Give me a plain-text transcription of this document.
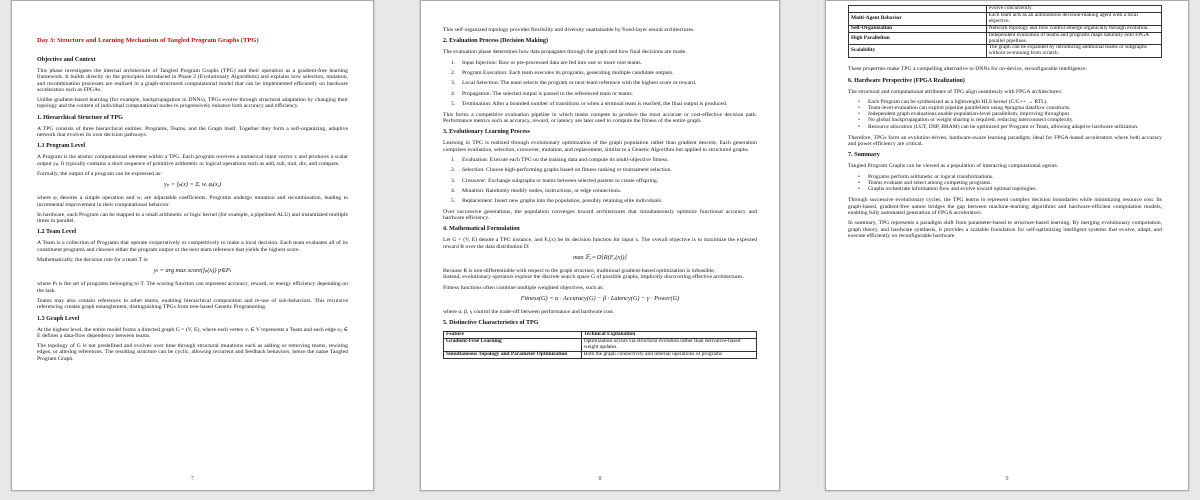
Day 3: Structure and Learning Mechanism of Tangled Program Graphs (TPG)
Objective and Context

This phase investigates the internal architecture of Tangled Program Graphs (TPG) and their operation as a gradient-free learning framework. It builds directly on the principles introduced in Phase 2 (Evolutionary Algorithms) and explains how selection, mutation, and recombination processes are realized in a graph-structured computational model that can be implemented efficiently on hardware accelerators such as FPGAs.

Unlike gradient-based learning (for example, backpropagation in DNNs), TPGs evolve through structural adaptation by changing their topology and the content of individual computational nodes to progressively enhance both accuracy and efficiency.

1. Hierarchical Structure of TPG

A TPG consists of three hierarchical entities: Programs, Teams, and the Graph itself. Together they form a self-organizing, adaptive network that evolves its own decision pathways.

1.1 Program Level

A Program is the atomic computational element within a TPG. Each program receives a numerical input vector x and produces a scalar output yₚ. It typically contains a short sequence of primitive arithmetic or logical operations such as add, sub, mul, div, and compare.

Formally, the output of a program can be expressed as:

yₚ = fₚ(x) = Σᵢ wᵢ φᵢ(xᵢ)

where φᵢ denotes a simple operation and wᵢ are adjustable coefficients. Programs undergo mutation and recombination, leading to incremental improvement in their computational behavior.

In hardware, each Program can be mapped to a small arithmetic or logic kernel (for example, a pipelined ALU) and instantiated multiple times in parallel.

1.2 Team Level

A Team is a collection of Programs that operate cooperatively or competitively to make a local decision. Each team evaluates all of its constituent programs and chooses either the program output or the next team reference that yields the highest score.

Mathematically, the decision rule for a team T is:

yₜ = arg max score(fₚ(x)) p∈Pₜ

where Pₜ is the set of programs belonging to T. The scoring function can represent accuracy, reward, or energy efficiency depending on the task.

Teams may also contain references to other teams, enabling hierarchical composition and re-use of sub-behaviors. This recursive referencing creates graph entanglement, distinguishing TPGs from tree-based Genetic Programming.

1.3 Graph Level

At the highest level, the entire model forms a directed graph G = (V, E), where each vertex vᵢ ∈ V represents a Team and each edge eᵢⱼ ∈ E defines a data-flow dependency between teams.

The topology of G is not predefined and evolves over time through structural mutations such as adding or removing teams, rewiring edges, or altering references. The resulting structure can be cyclic, allowing recurrent and feedback behaviors, hence the name Tangled Program Graph.

7

This self-organized topology provides flexibility and diversity unattainable by fixed-layer neural architectures.

2. Evaluation Process (Decision Making)

The evaluation phase determines how data propagates through the graph and how final decisions are made.

1.	Input Injection: Raw or pre-processed data are fed into one or more root teams.
2.	Program Execution: Each team executes its programs, generating multiple candidate outputs.
3.	Local Selection: The team selects the program or next-team reference with the highest score or reward.
4.	Propagation: The selected output is passed to the referenced team or teams.
5.	Termination: After a bounded number of transitions or when a terminal team is reached, the final output is produced.

This forms a competitive evaluation pipeline in which teams compete to produce the most accurate or cost-effective decision path. Performance metrics such as accuracy, reward, or latency are later used to compute the fitness of the entire graph.

3. Evolutionary Learning Process

Learning in TPG is realized through evolutionary optimization of the graph population rather than gradient descent. Each generation comprises evaluation, selection, crossover, mutation, and replacement, similar to a Genetic Algorithm but applied to structured graphs.

1.	Evaluation: Execute each TPG on the training data and compute its multi-objective fitness.
2.	Selection: Choose high-performing graphs based on fitness ranking or tournament selection.
3.	Crossover: Exchange subgraphs or teams between selected parents to create offspring.
4.	Mutation: Randomly modify nodes, instructions, or edge connections.
5.	Replacement: Insert new graphs into the population, possibly retaining elite individuals.

Over successive generations, the population converges toward architectures that simultaneously optimize functional accuracy and hardware efficiency.

4. Mathematical Formulation

Let G = (V, E) denote a TPG instance, and Fₒ(x) be its decision function for input x. The overall objective is to maximize the expected reward R over the data distribution D:

max 𝔼ₓ∼D[R(Fₒ(x))]

Because R is non-differentiable with respect to the graph structure, traditional gradient-based optimization is infeasible.

Instead, evolutionary operators explore the discrete search space G of possible graphs, implicitly discovering effective architectures.

Fitness functions often combine multiple weighted objectives, such as:

Fitness(G) = α · Accuracy(G) − β · Latency(G) − γ · Power(G)

where α, β, γ control the trade-off between performance and hardware cost.

5. Distinctive Characteristics of TPG
Feature	Technical Explanation
Gradient-Free Learning	Optimization occurs via structural evolution rather than derivative-based weight updates.
Simultaneous Topology and Parameter Optimization	Both the graph connectivity and internal operations of programs
8
	evolve concurrently.
Multi-Agent Behavior	Each team acts as an autonomous decision-making agent with a local objective.
Self-Organization	Network topology and flow control emerge organically through evolution.
High Parallelism	Independent evaluation of teams and programs maps naturally onto FPGA parallel pipelines.
Scalability	The graph can be expanded by introducing additional teams or subgraphs without re-training from scratch.

These properties make TPG a compelling alternative to DNNs for on-device, reconfigurable intelligence.

6. Hardware Perspective (FPGA Realization)

The structural and computational attributes of TPG align seamlessly with FPGA architectures:

•	Each Program can be synthesized as a lightweight HLS kernel (C/C++ → RTL).
•	Team-level evaluation can exploit pipeline parallelism using #pragma dataflow constructs.
•	Independent graph evaluations enable population-level parallelism, improving throughput.
•	No global backpropagation or weight sharing is required, reducing interconnect complexity.
•	Resource allocation (LUT, DSP, BRAM) can be optimized per Program or Team, allowing adaptive hardware utilization.

Therefore, TPGs form an evolution-driven, hardware-aware learning paradigm, ideal for FPGA-based accelerators where both accuracy and power efficiency are critical.

7. Summary

Tangled Program Graphs can be viewed as a population of interacting computational agents:

•	Programs perform arithmetic or logical transformations.
•	Teams evaluate and select among competing programs.
•	Graphs orchestrate information flow and evolve toward optimal topologies.

Through successive evolutionary cycles, the TPG learns to represent complex decision boundaries while minimizing resource cost. Its graph-based, gradient-free nature bridges the gap between machine-learning algorithms and hardware-efficient computation models, enabling fully automated generation of FPGA accelerators.

In summary, TPG represents a paradigm shift from parameter-based to structure-based learning. By merging evolutionary computation, graph theory, and hardware synthesis, it provides a scalable foundation for self-optimizing intelligent systems that evolve, adapt, and execute efficiently on reconfigurable hardware.

9
